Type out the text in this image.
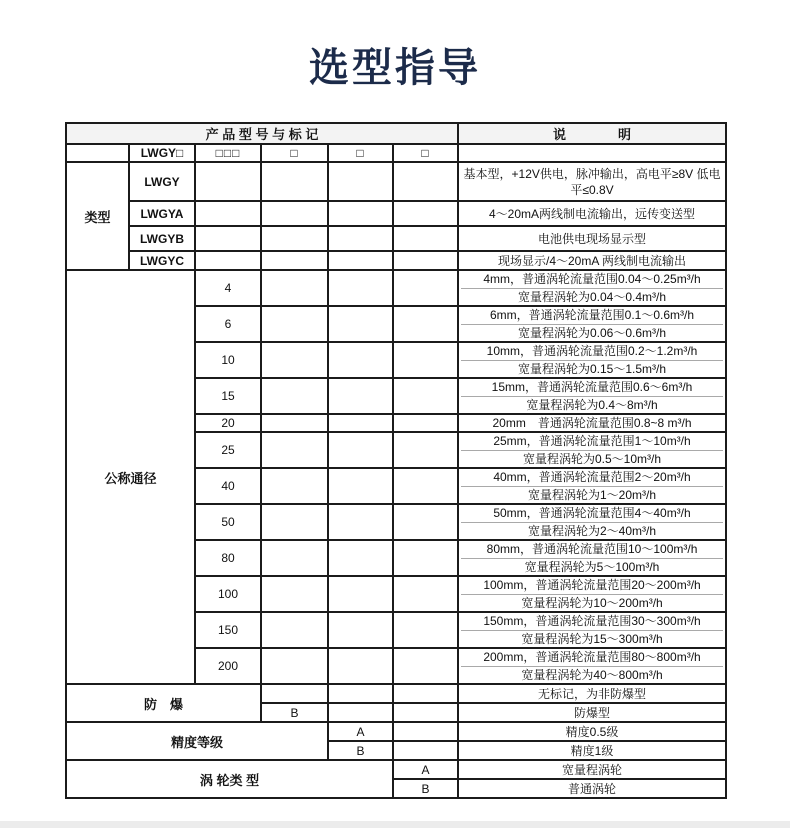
选型指导
产 品 型 号 与 标 记						说　　　　明
	LWGY□	□□□	□	□	□	
类型	LWGY					基本型，+12V供电，脉冲输出，高电平≥8V 低电平≤0.8V
	LWGYA					4～20mA两线制电流输出，远传变送型
	LWGYB					电池供电现场显示型
	LWGYC					现场显示/4～20mA 两线制电流输出
公称通径		4				4mm，普通涡轮流量范围0.04～0.25m³/h
宽量程涡轮为0.04～0.4m³/h

		6				6mm，普通涡轮流量范围0.1～0.6m³/h
宽量程涡轮为0.06～0.6m³/h

		10				10mm，普通涡轮流量范围0.2～1.2m³/h
宽量程涡轮为0.15～1.5m³/h

		15				15mm，普通涡轮流量范围0.6～6m³/h
宽量程涡轮为0.4～8m³/h

		20				20mm　普通涡轮流量范围0.8~8 m³/h

		25				25mm，普通涡轮流量范围1～10m³/h
宽量程涡轮为0.5～10m³/h

		40				40mm，普通涡轮流量范围2～20m³/h
宽量程涡轮为1～20m³/h

		50				50mm，普通涡轮流量范围4～40m³/h
宽量程涡轮为2～40m³/h

		80				80mm，普通涡轮流量范围10～100m³/h
宽量程涡轮为5～100m³/h

		100				100mm，普通涡轮流量范围20～200m³/h
宽量程涡轮为10～200m³/h

		150				150mm，普通涡轮流量范围30～300m³/h
宽量程涡轮为15～300m³/h

		200				200mm，普通涡轮流量范围80～800m³/h
宽量程涡轮为40～800m³/h

防　爆						无标记，为非防爆型
			B			防爆型
精度等级				A		精度0.5级
				B		精度1级
涡 轮类 型					A	宽量程涡轮
					B	普通涡轮
